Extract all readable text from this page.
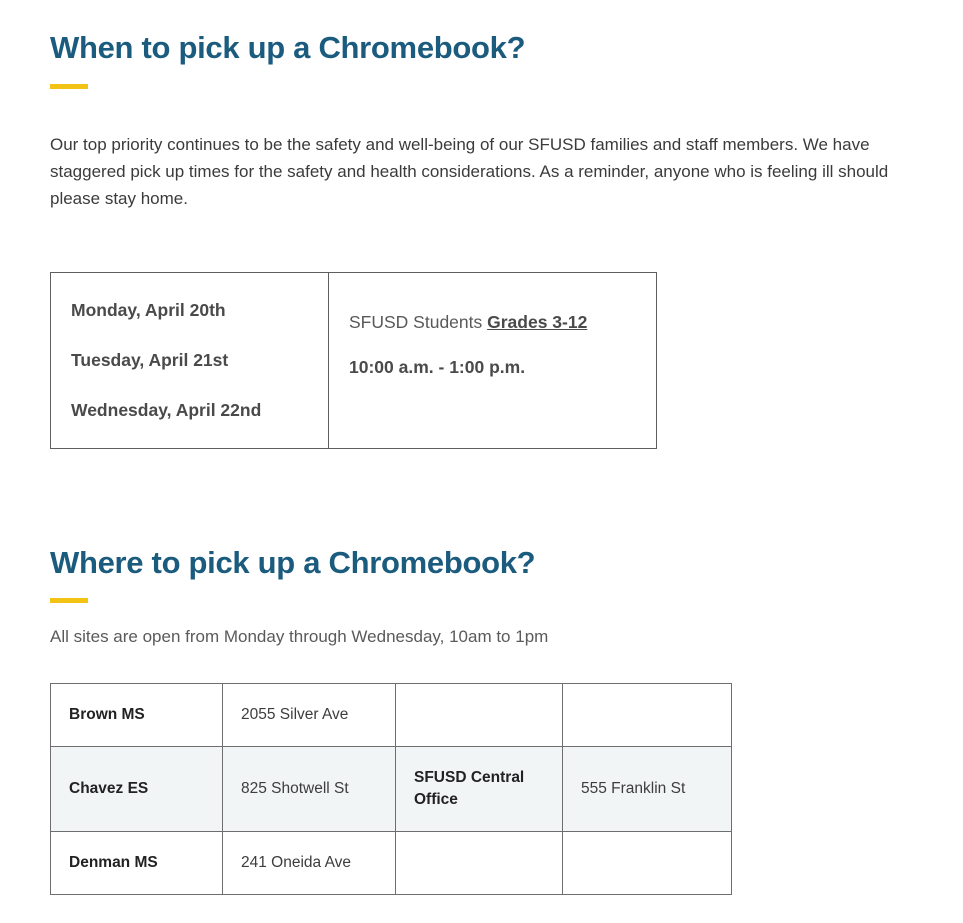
When to pick up a Chromebook?

Our top priority continues to be the safety and well-being of our SFUSD families and staff members. We have staggered pick up times for the safety and health considerations. As a reminder, anyone who is feeling ill should please stay home.

Monday, April 20th

Tuesday, April 21st

Wednesday, April 22nd

SFUSD Students Grades 3-12

10:00 a.m. - 1:00 p.m.

Where to pick up a Chromebook?

All sites are open from Monday through Wednesday, 10am to 1pm

Brown MS	2055 Silver Ave		
Chavez ES	825 Shotwell St	SFUSD Central Office	555 Franklin St
Denman MS	241 Oneida Ave		
